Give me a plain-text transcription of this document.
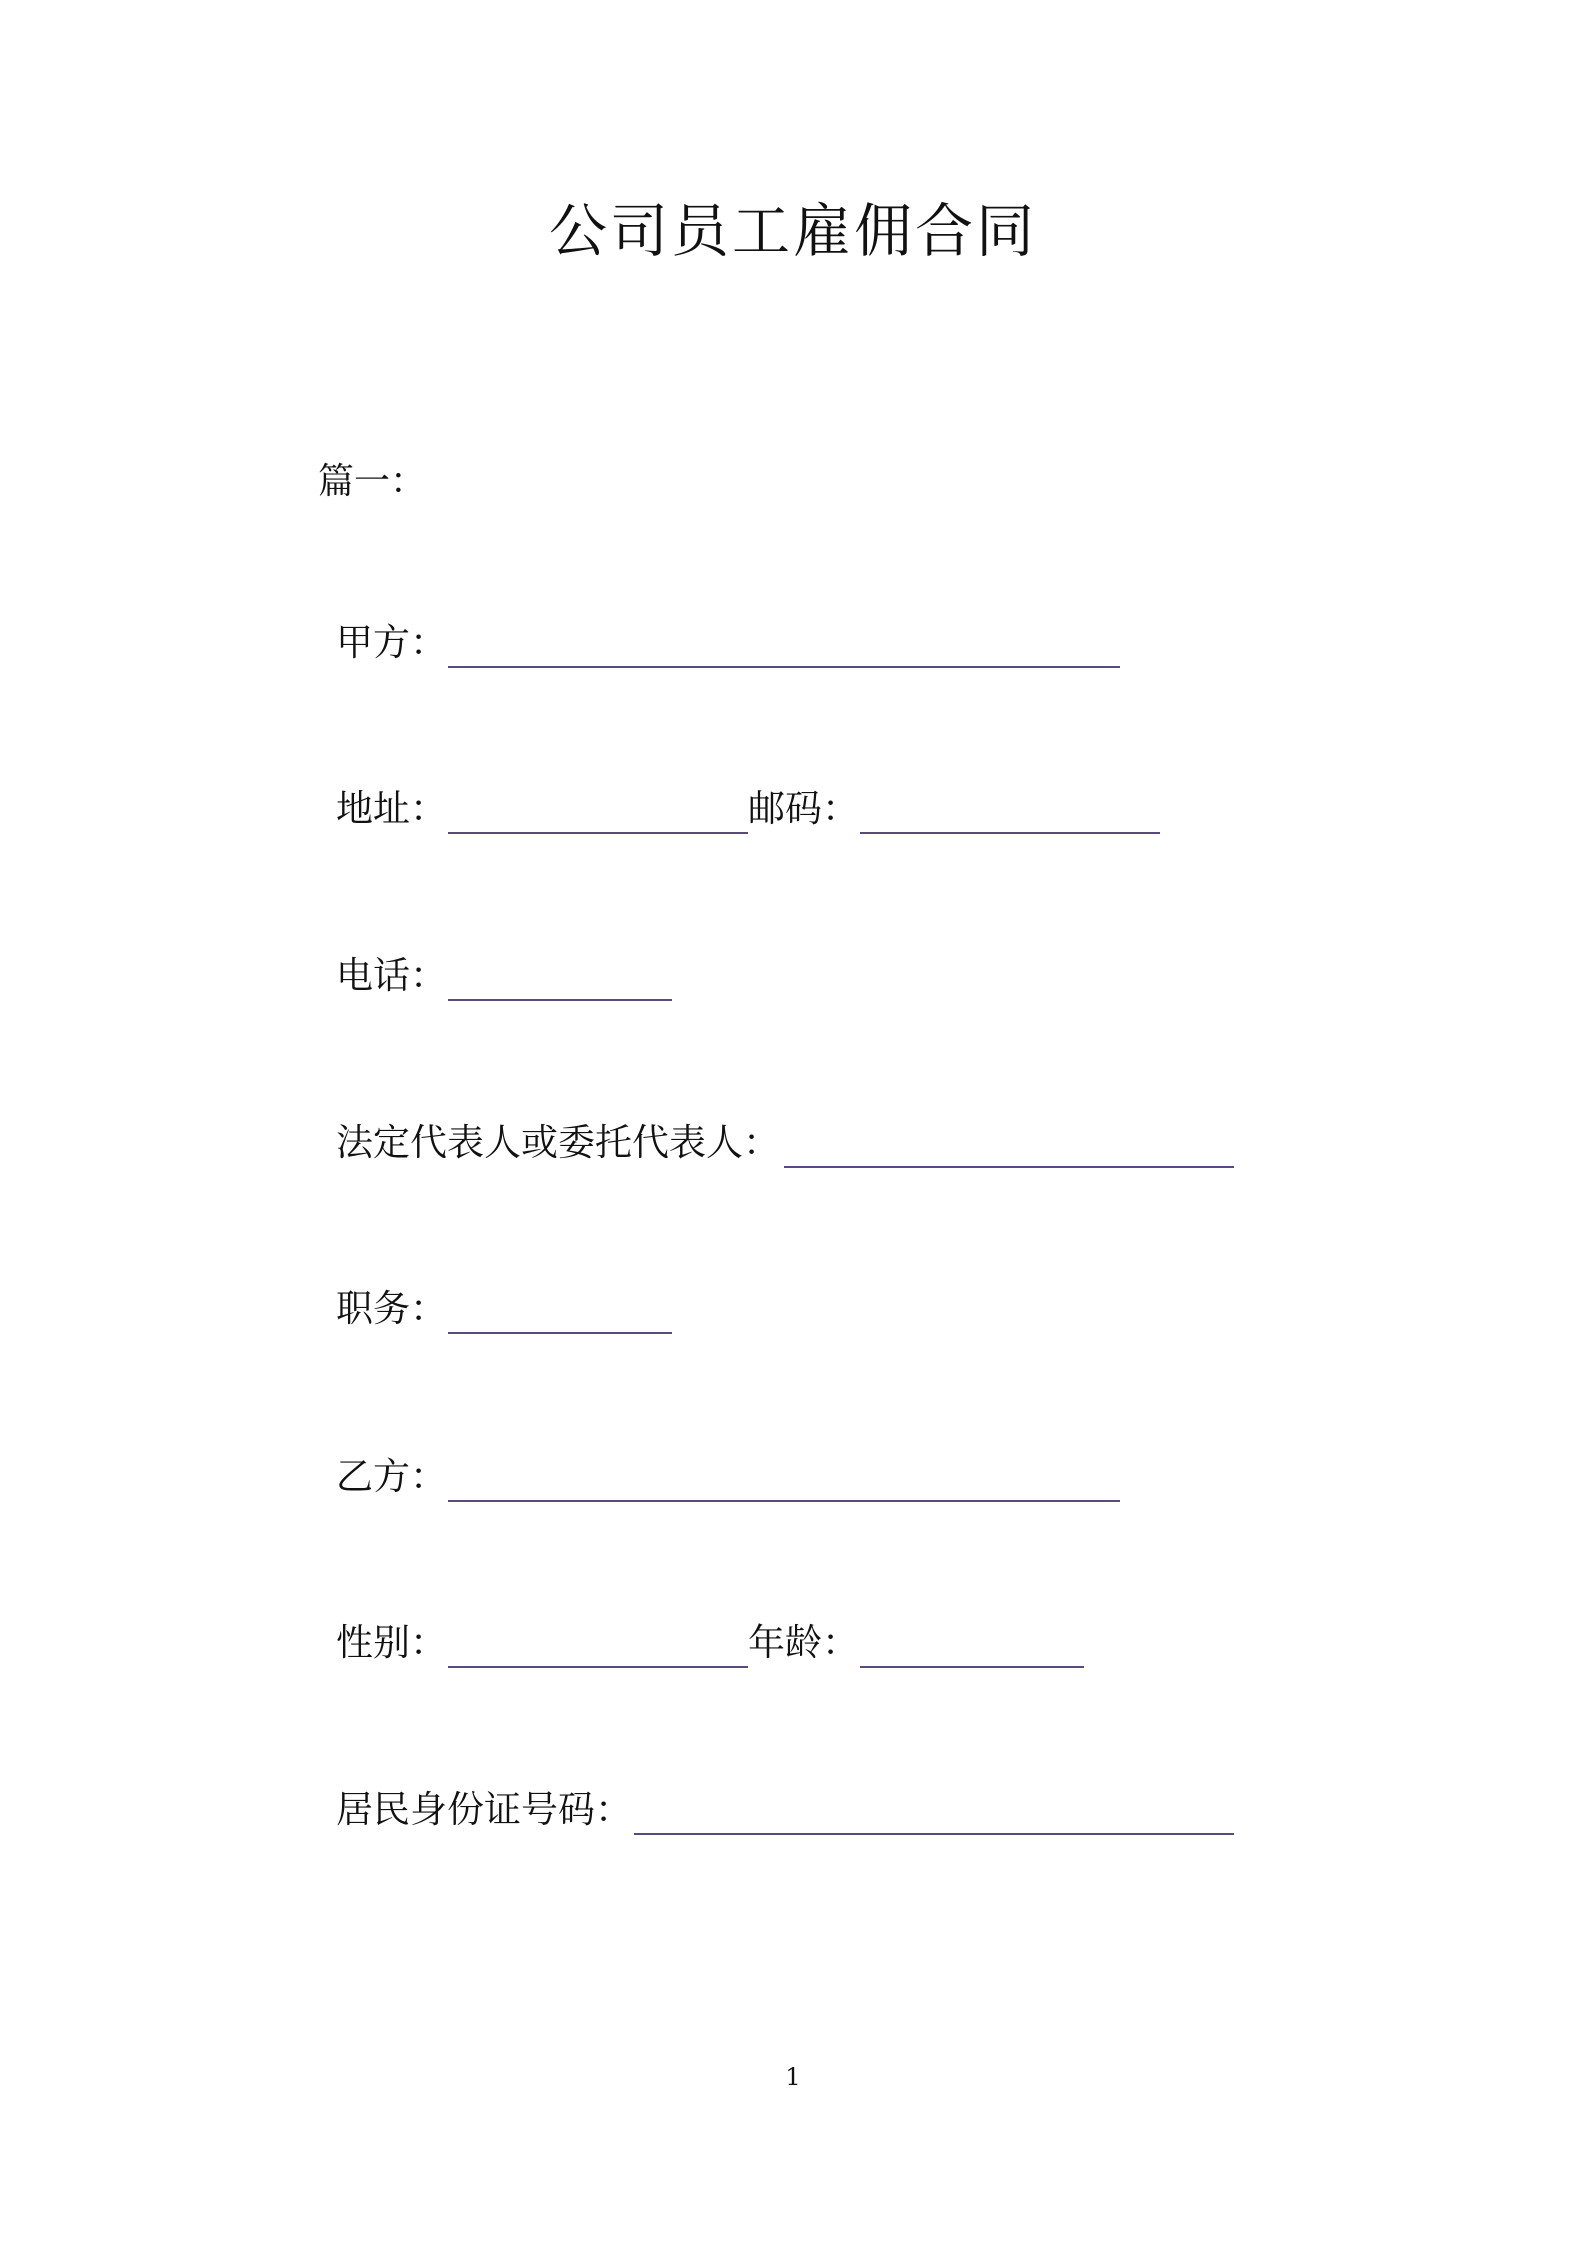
公司员工雇佣合同
篇一：
甲方：
地址：	邮码：
电话：
法定代表人或委托代表人：
职务：
乙方：
性别：	年龄：
居民身份证号码：
1
